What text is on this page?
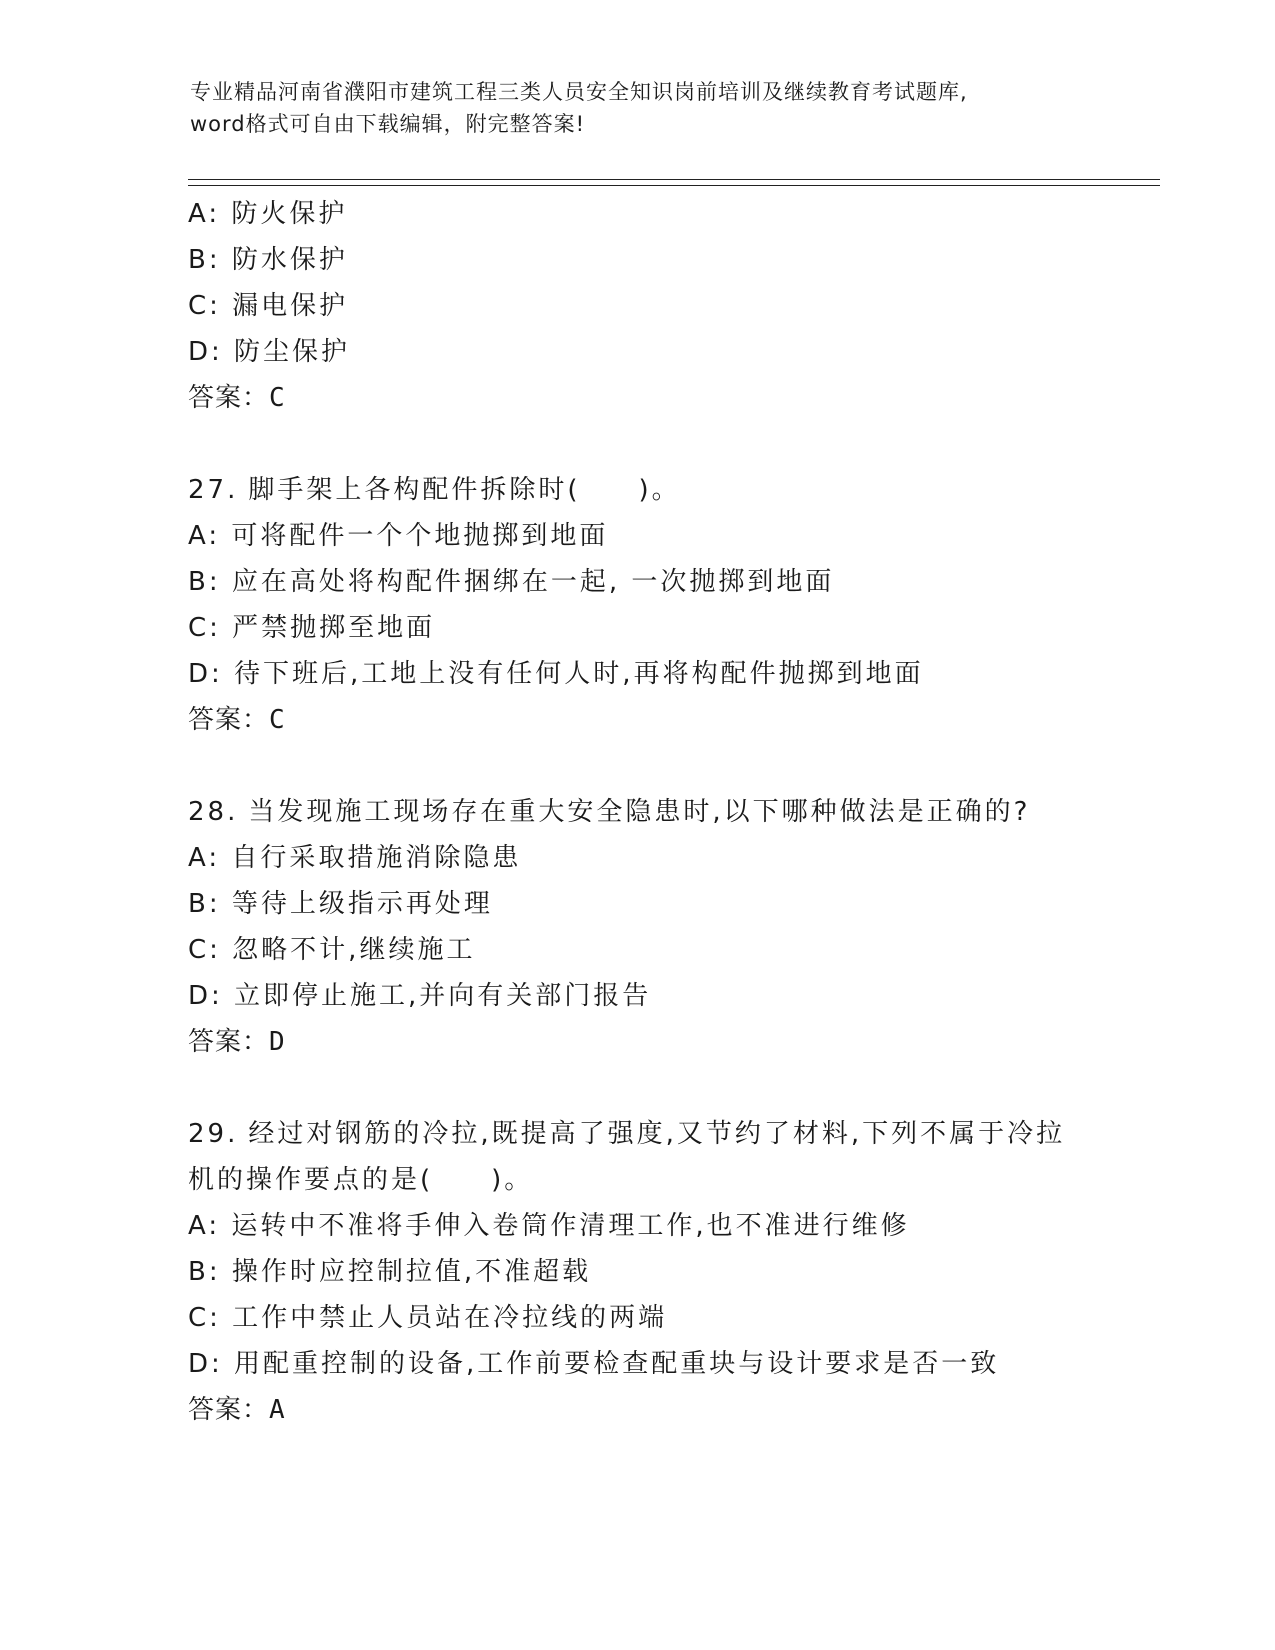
专业精品河南省濮阳市建筑工程三类人员安全知识岗前培训及继续教育考试题库,
word格式可自由下载编辑，附完整答案!
A: 防火保护
B: 防水保护
C: 漏电保护
D: 防尘保护
答案：C
27. 脚手架上各构配件拆除时(　　)。
A: 可将配件一个个地抛掷到地面
B: 应在高处将构配件捆绑在一起, 一次抛掷到地面
C: 严禁抛掷至地面
D: 待下班后,工地上没有任何人时,再将构配件抛掷到地面
答案：C
28. 当发现施工现场存在重大安全隐患时,以下哪种做法是正确的?
A: 自行采取措施消除隐患
B: 等待上级指示再处理
C: 忽略不计,继续施工
D: 立即停止施工,并向有关部门报告
答案：D
29. 经过对钢筋的冷拉,既提高了强度,又节约了材料,下列不属于冷拉
机的操作要点的是(　　)。
A: 运转中不准将手伸入卷筒作清理工作,也不准进行维修
B: 操作时应控制拉值,不准超载
C: 工作中禁止人员站在冷拉线的两端
D: 用配重控制的设备,工作前要检查配重块与设计要求是否一致
答案：A
